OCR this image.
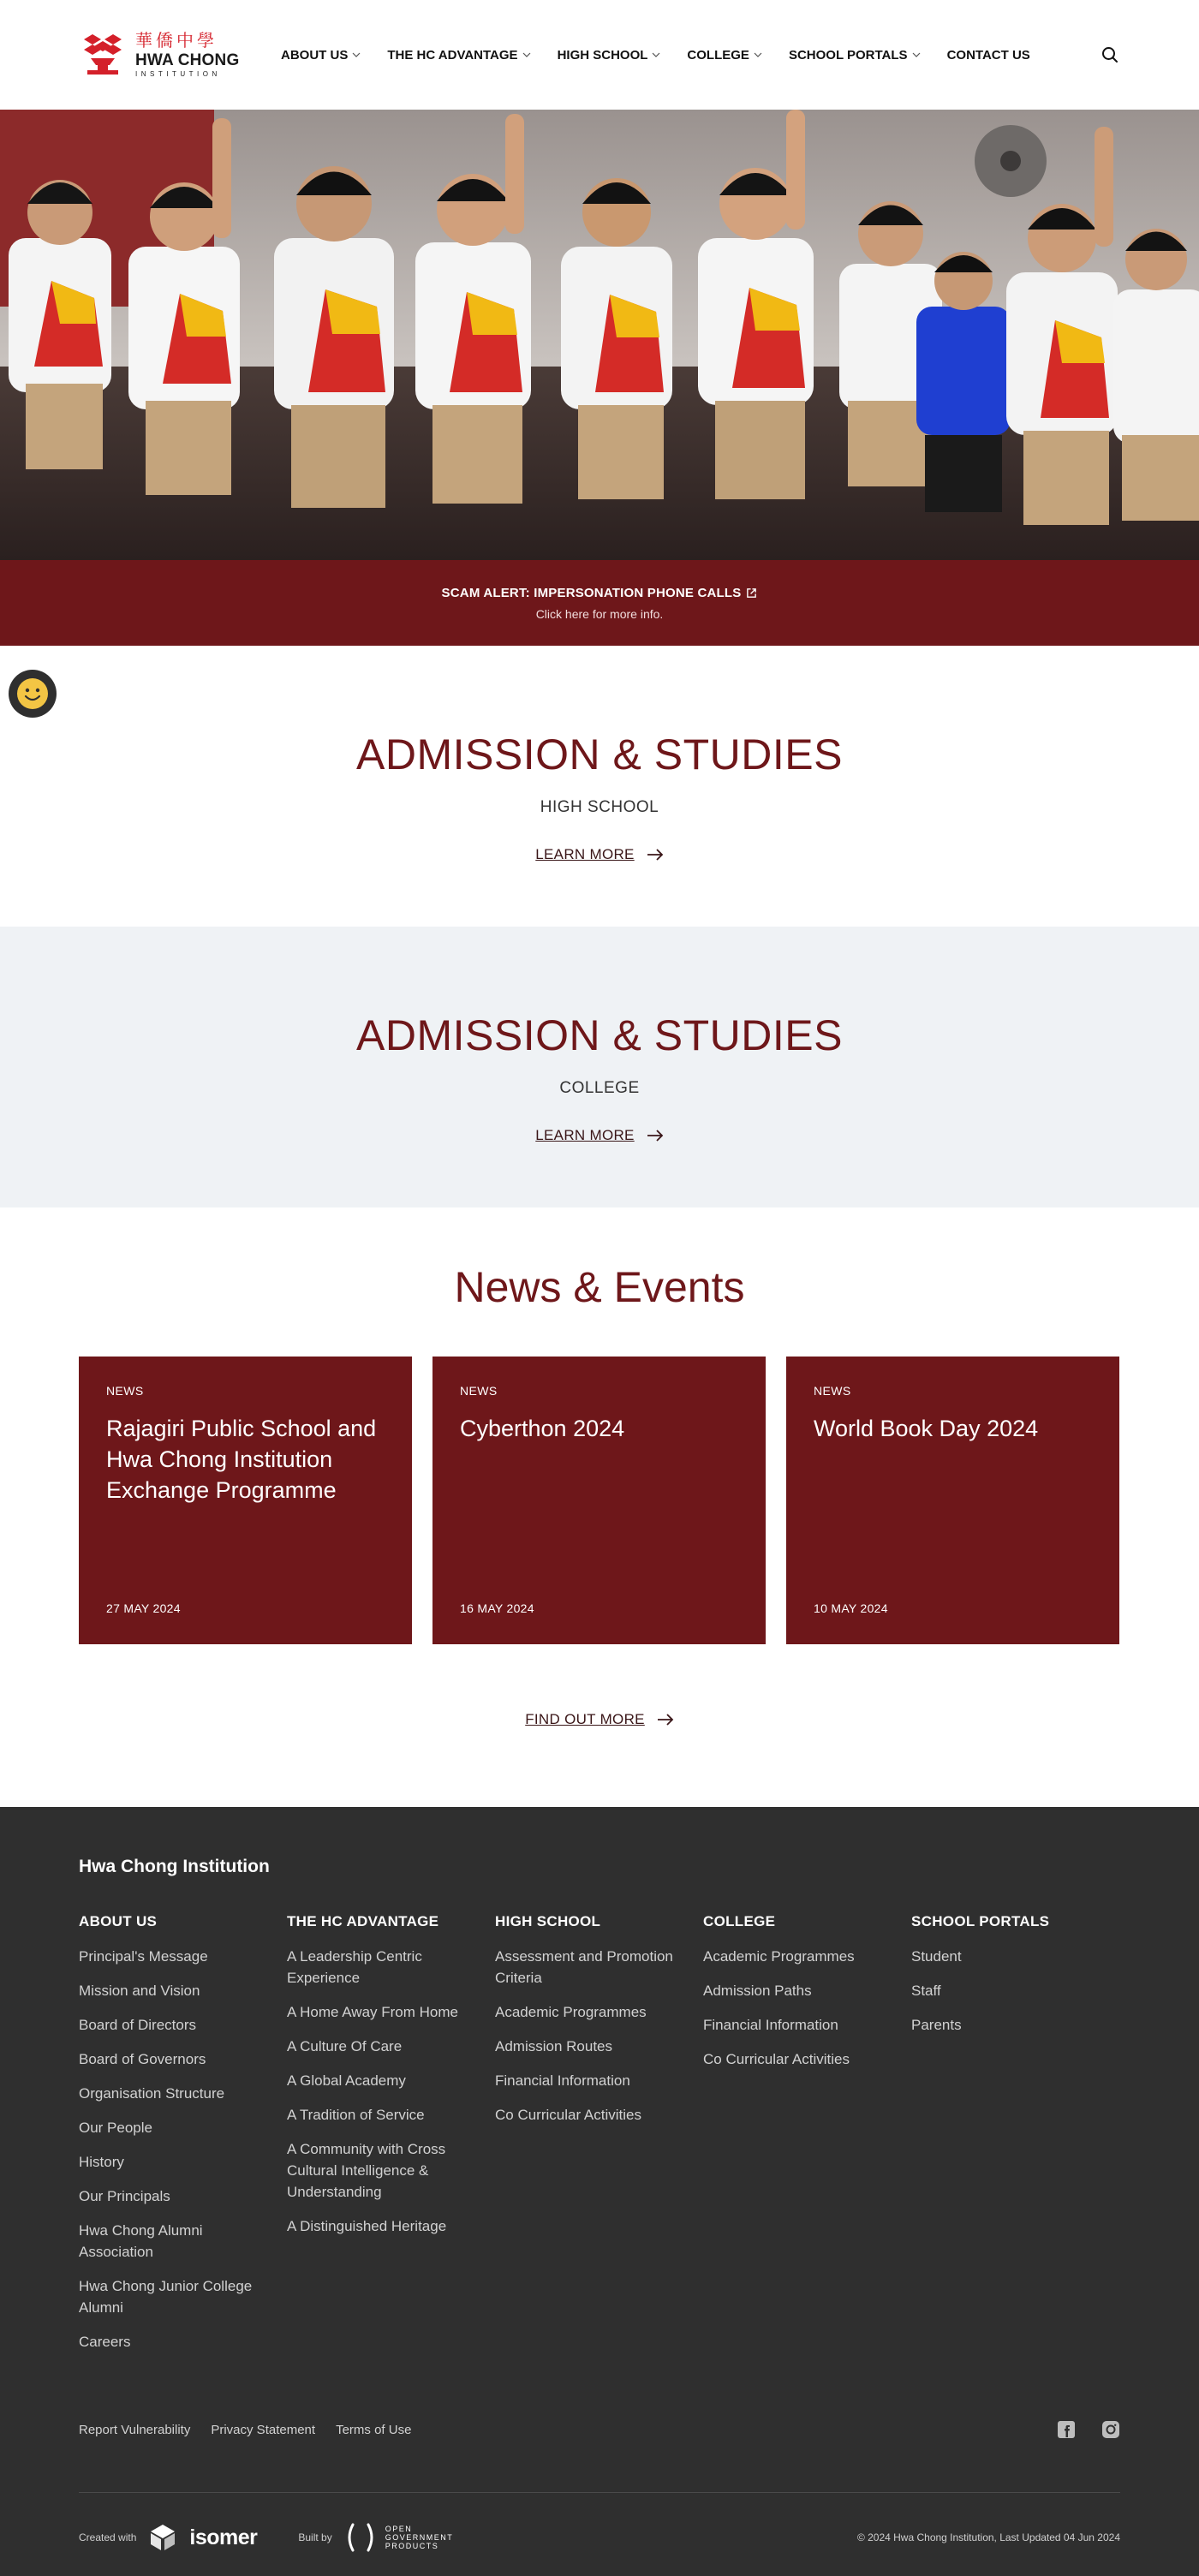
華僑中學
HWA CHONG
INSTITUTION
ABOUT US	THE HC ADVANTAGE	HIGH SCHOOL	COLLEGE	SCHOOL PORTALS	CONTACT US
SCAM ALERT: IMPERSONATION PHONE CALLS
Click here for more info.
ADMISSION & STUDIES
HIGH SCHOOL
LEARN MORE
ADMISSION & STUDIES
COLLEGE
LEARN MORE
News & Events
NEWS
Rajagiri Public School and Hwa Chong Institution Exchange Programme
27 MAY 2024
NEWS
Cyberthon 2024
16 MAY 2024
NEWS
World Book Day 2024
10 MAY 2024
FIND OUT MORE
Hwa Chong Institution
ABOUT US
Principal's Message
Mission and Vision
Board of Directors
Board of Governors
Organisation Structure
Our People
History
Our Principals
Hwa Chong Alumni Association
Hwa Chong Junior College Alumni
Careers
THE HC ADVANTAGE
A Leadership Centric Experience
A Home Away From Home
A Culture Of Care
A Global Academy
A Tradition of Service
A Community with Cross Cultural Intelligence & Understanding
A Distinguished Heritage
HIGH SCHOOL
Assessment and Promotion Criteria
Academic Programmes
Admission Routes
Financial Information
Co Curricular Activities
COLLEGE
Academic Programmes
Admission Paths
Financial Information
Co Curricular Activities
SCHOOL PORTALS
Student
Staff
Parents
Report Vulnerability Privacy Statement Terms of Use
Created with isomer	Built by
OPEN
GOVERNMENT
PRODUCTS
© 2024 Hwa Chong Institution, Last Updated 04 Jun 2024
